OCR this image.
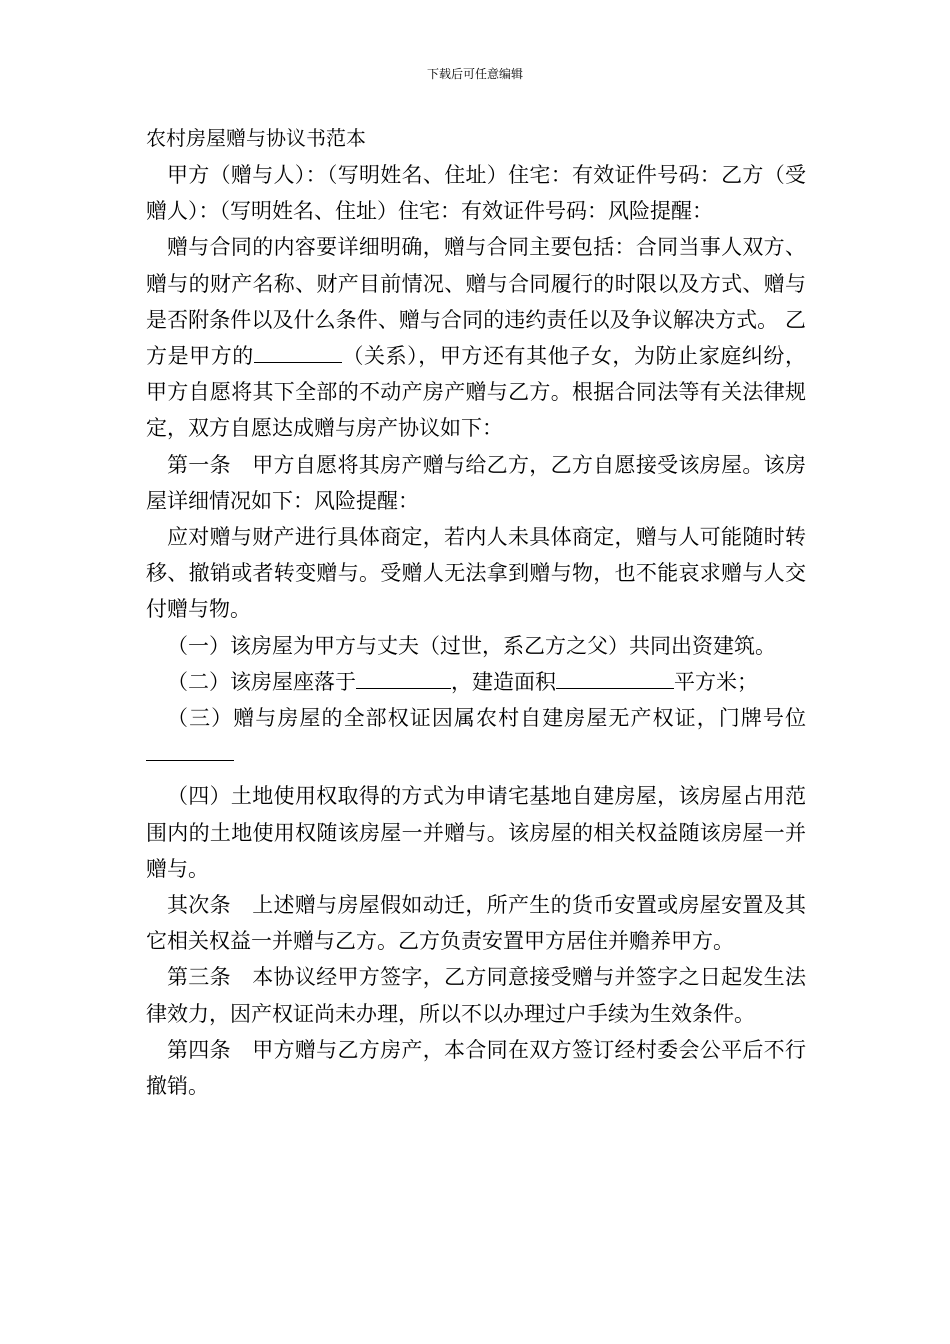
下载后可任意编辑
农村房屋赠与协议书范本

甲方（赠与人）：（写明姓名、住址）住宅：有效证件号码：乙方（受赠人）：（写明姓名、住址）住宅：有效证件号码：风险提醒：

赠与合同的内容要详细明确，赠与合同主要包括：合同当事人双方、赠与的财产名称、财产目前情况、赠与合同履行的时限以及方式、赠与是否附条件以及什么条件、赠与合同的违约责任以及争议解决方式。 乙方是甲方的	（关系），甲方还有其他子女，为防止家庭纠纷，甲方自愿将其下全部的不动产房产赠与乙方。根据合同法等有关法律规定，双方自愿达成赠与房产协议如下：

第一条　甲方自愿将其房产赠与给乙方，乙方自愿接受该房屋。该房屋详细情况如下：风险提醒：

应对赠与财产进行具体商定，若内人未具体商定，赠与人可能随时转移、撤销或者转变赠与。受赠人无法拿到赠与物，也不能哀求赠与人交付赠与物。

（一）该房屋为甲方与丈夫（过世，系乙方之父）共同出资建筑。

（二）该房屋座落于	，建造面积	平方米；

（三）赠与房屋的全部权证因属农村自建房屋无产权证，门牌号位

（四）土地使用权取得的方式为申请宅基地自建房屋，该房屋占用范围内的土地使用权随该房屋一并赠与。该房屋的相关权益随该房屋一并赠与。

其次条　上述赠与房屋假如动迁，所产生的货币安置或房屋安置及其它相关权益一并赠与乙方。乙方负责安置甲方居住并赡养甲方。

第三条　本协议经甲方签字，乙方同意接受赠与并签字之日起发生法律效力，因产权证尚未办理，所以不以办理过户手续为生效条件。

第四条　甲方赠与乙方房产，本合同在双方签订经村委会公平后不行撤销。
